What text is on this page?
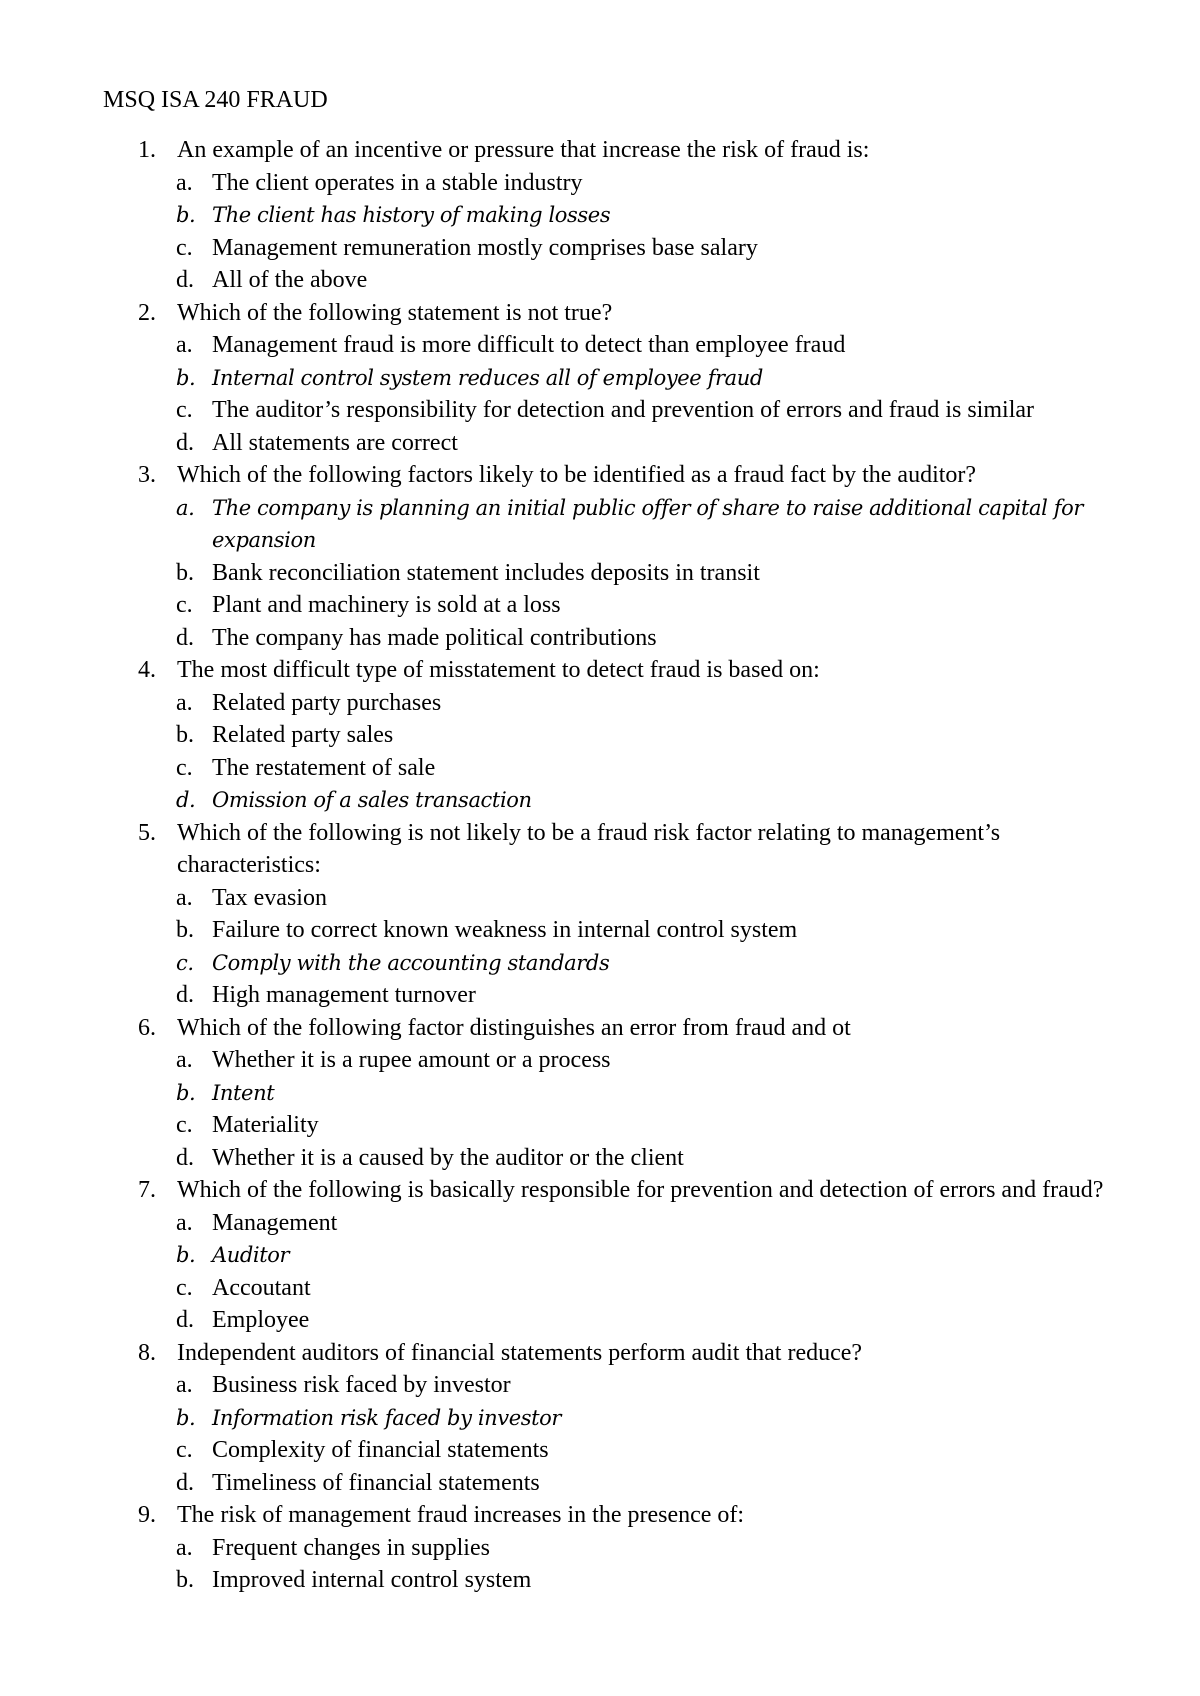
MSQ ISA 240 FRAUD
1. An example of an incentive or pressure that increase the risk of fraud is:
a. The client operates in a stable industry
b. The client has history of making losses
c. Management remuneration mostly comprises base salary
d. All of the above
2. Which of the following statement is not true?
a. Management fraud is more difficult to detect than employee fraud
b. Internal control system reduces all of employee fraud
c. The auditor’s responsibility for detection and prevention of errors and fraud is similar
d. All statements are correct
3. Which of the following factors likely to be identified as a fraud fact by the auditor?
a. The company is planning an initial public offer of share to raise additional capital for expansion
b. Bank reconciliation statement includes deposits in transit
c. Plant and machinery is sold at a loss
d. The company has made political contributions
4. The most difficult type of misstatement to detect fraud is based on:
a. Related party purchases
b. Related party sales
c. The restatement of sale
d. Omission of a sales transaction
5. Which of the following is not likely to be a fraud risk factor relating to management’s characteristics:
a. Tax evasion
b. Failure to correct known weakness in internal control system
c. Comply with the accounting standards
d. High management turnover
6. Which of the following factor distinguishes an error from fraud and ot
a. Whether it is a rupee amount or a process
b. Intent
c. Materiality
d. Whether it is a caused by the auditor or the client
7. Which of the following is basically responsible for prevention and detection of errors and fraud?
a. Management
b. Auditor
c. Accoutant
d. Employee
8. Independent auditors of financial statements perform audit that reduce?
a. Business risk faced by investor
b. Information risk faced by investor
c. Complexity of financial statements
d. Timeliness of financial statements
9. The risk of management fraud increases in the presence of:
a. Frequent changes in supplies
b. Improved internal control system
